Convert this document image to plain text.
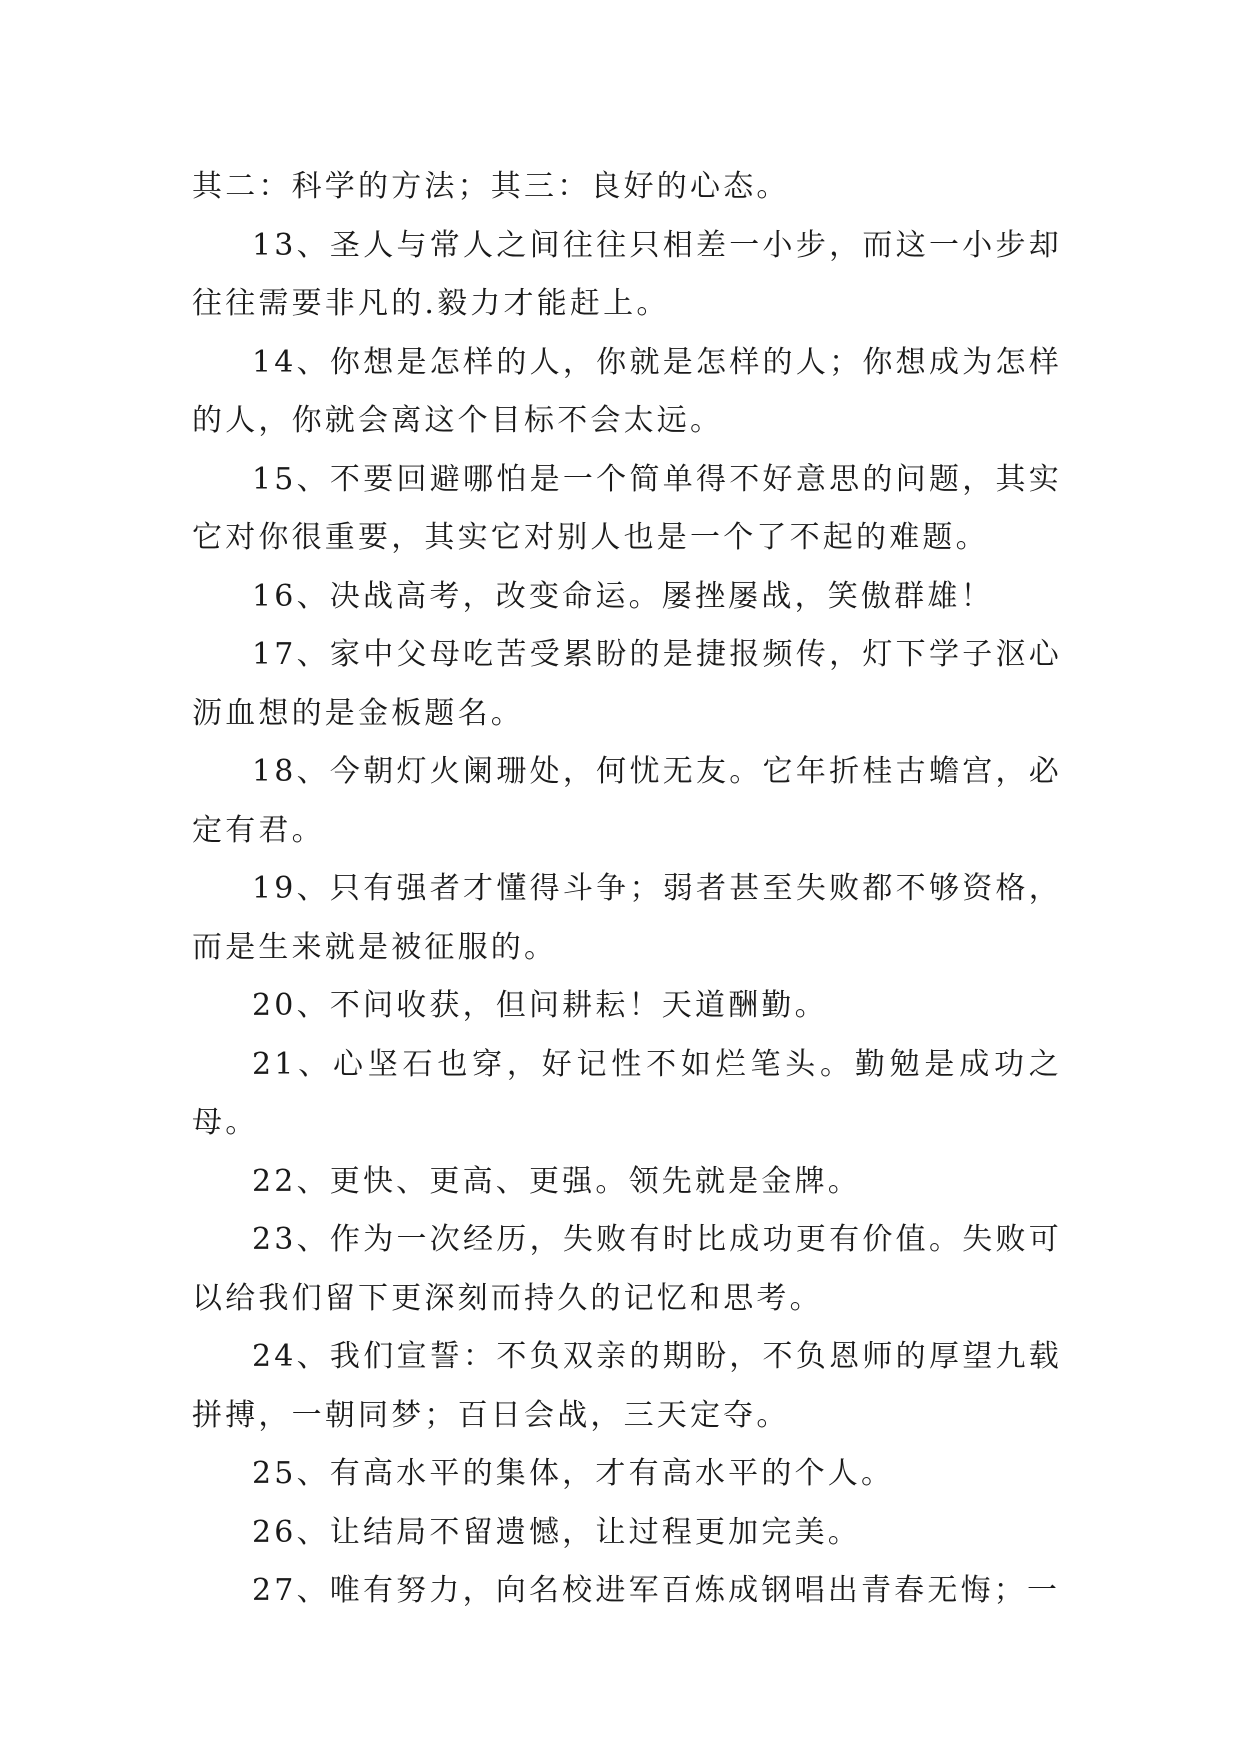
其二：科学的方法；其三：良好的心态。

13、圣人与常人之间往往只相差一小步，而这一小步却往往需要非凡的.毅力才能赶上。

14、你想是怎样的人，你就是怎样的人；你想成为怎样的人，你就会离这个目标不会太远。

15、不要回避哪怕是一个简单得不好意思的问题，其实它对你很重要，其实它对别人也是一个了不起的难题。

16、决战高考，改变命运。屡挫屡战，笑傲群雄！

17、家中父母吃苦受累盼的是捷报频传，灯下学子沤心沥血想的是金板题名。

18、今朝灯火阑珊处，何忧无友。它年折桂古蟾宫，必定有君。

19、只有强者才懂得斗争；弱者甚至失败都不够资格，而是生来就是被征服的。

20、不问收获，但问耕耘！天道酬勤。

21、心坚石也穿，好记性不如烂笔头。勤勉是成功之母。

22、更快、更高、更强。领先就是金牌。

23、作为一次经历，失败有时比成功更有价值。失败可以给我们留下更深刻而持久的记忆和思考。

24、我们宣誓：不负双亲的期盼，不负恩师的厚望九载拼搏，一朝同梦；百日会战，三天定夺。

25、有高水平的集体，才有高水平的个人。

26、让结局不留遗憾，让过程更加完美。

27、唯有努力，向名校进军百炼成钢唱出青春无悔；一
